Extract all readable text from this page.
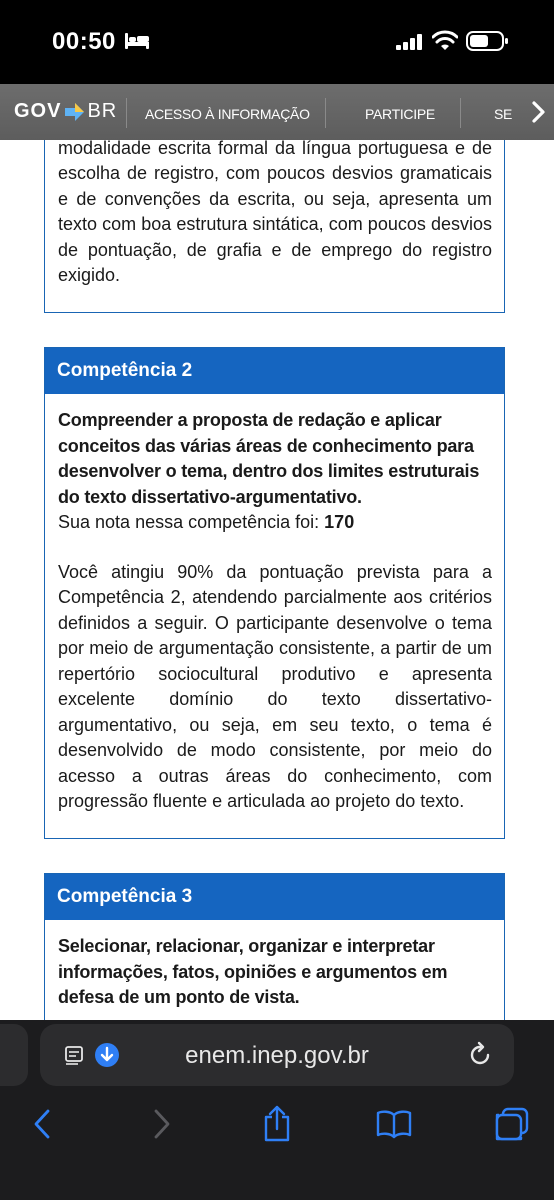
00:50
GOV BR ACESSO À INFORMAÇÃO	PARTICIPE	SE
modalidade escrita formal da língua portuguesa e de escolha de registro, com poucos desvios gramaticais e de convenções da escrita, ou seja, apresenta um texto com boa estrutura sintática, com poucos desvios de pontuação, de grafia e de emprego do registro exigido.
Competência 2
Compreender a proposta de redação e aplicar conceitos das várias áreas de conhecimento para desenvolver o tema, dentro dos limites estruturais do texto dissertativo-argumentativo.
Sua nota nessa competência foi: 170
Você atingiu 90% da pontuação prevista para a Competência 2, atendendo parcialmente aos critérios definidos a seguir. O participante desenvolve o tema por meio de argumentação consistente, a partir de um repertório sociocultural produtivo e apresenta excelente domínio do texto dissertativo-argumentativo, ou seja, em seu texto, o tema é desenvolvido de modo consistente, por meio do acesso a outras áreas do conhecimento, com progressão fluente e articulada ao projeto do texto.
Competência 3
Selecionar, relacionar, organizar e interpretar informações, fatos, opiniões e argumentos em defesa de um ponto de vista.
enem.inep.gov.br
